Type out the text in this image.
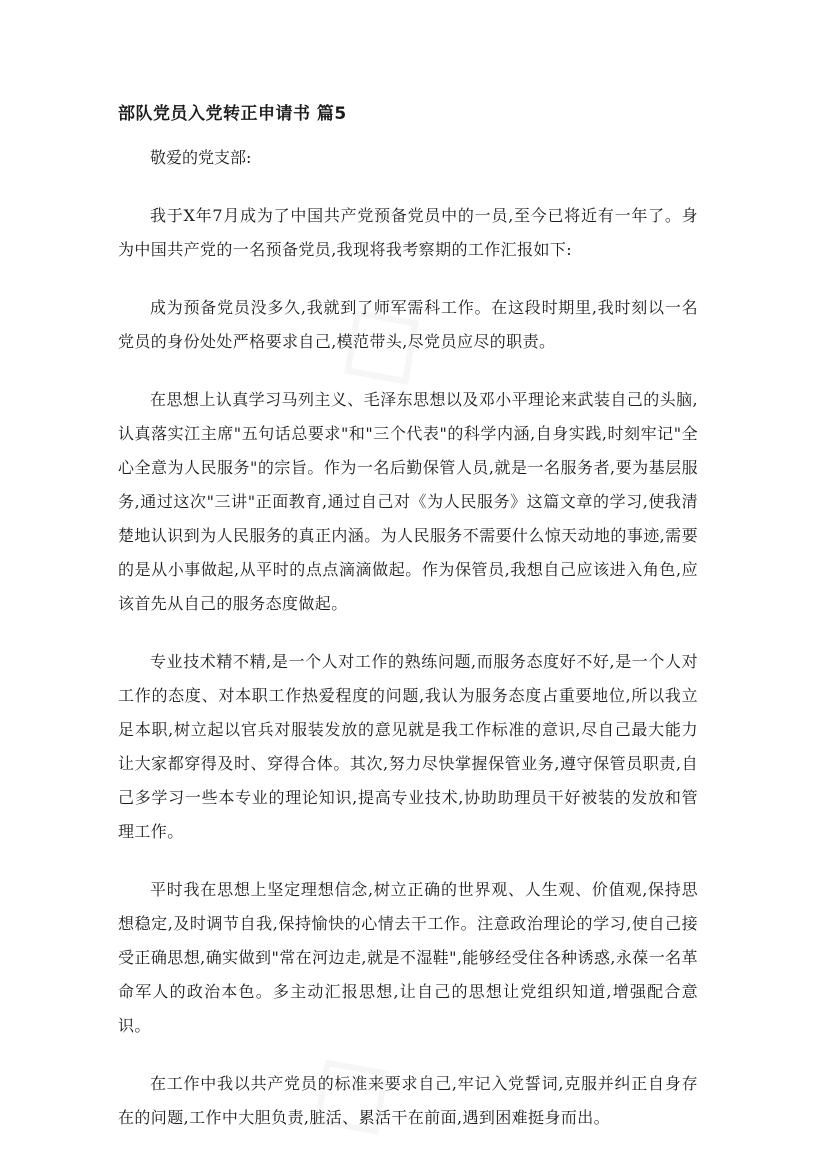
部队党员入党转正申请书 篇5
敬爱的党支部:

我于X年7月成为了中国共产党预备党员中的一员,至今已将近有一年了。身为中国共产党的一名预备党员,我现将我考察期的工作汇报如下:

成为预备党员没多久,我就到了师军需科工作。在这段时期里,我时刻以一名党员的身份处处严格要求自己,模范带头,尽党员应尽的职责。

在思想上认真学习马列主义、毛泽东思想以及邓小平理论来武装自己的头脑,认真落实江主席"五句话总要求"和"三个代表"的科学内涵,自身实践,时刻牢记"全心全意为人民服务"的宗旨。作为一名后勤保管人员,就是一名服务者,要为基层服务,通过这次"三讲"正面教育,通过自己对《为人民服务》这篇文章的学习,使我清楚地认识到为人民服务的真正内涵。为人民服务不需要什么惊天动地的事迹,需要的是从小事做起,从平时的点点滴滴做起。作为保管员,我想自己应该进入角色,应该首先从自己的服务态度做起。

专业技术精不精,是一个人对工作的熟练问题,而服务态度好不好,是一个人对工作的态度、对本职工作热爱程度的问题,我认为服务态度占重要地位,所以我立足本职,树立起以官兵对服装发放的意见就是我工作标准的意识,尽自己最大能力让大家都穿得及时、穿得合体。其次,努力尽快掌握保管业务,遵守保管员职责,自己多学习一些本专业的理论知识,提高专业技术,协助助理员干好被装的发放和管理工作。

平时我在思想上坚定理想信念,树立正确的世界观、人生观、价值观,保持思想稳定,及时调节自我,保持愉快的心情去干工作。注意政治理论的学习,使自己接受正确思想,确实做到"常在河边走,就是不湿鞋",能够经受住各种诱惑,永葆一名革命军人的政治本色。多主动汇报思想,让自己的思想让党组织知道,增强配合意识。

在工作中我以共产党员的标准来要求自己,牢记入党誓词,克服并纠正自身存在的问题,工作中大胆负责,脏活、累活干在前面,遇到困难挺身而出。
